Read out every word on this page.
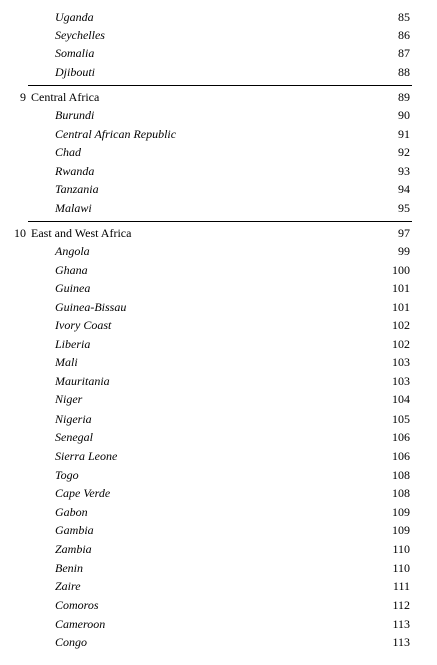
Uganda	85
Seychelles	86
Somalia	87
Djibouti	88
9 Central Africa	89
Burundi	90
Central African Republic	91
Chad	92
Rwanda	93
Tanzania	94
Malawi	95
10 East and West Africa	97
Angola	99
Ghana	100
Guinea	101
Guinea-Bissau	101
Ivory Coast	102
Liberia	102
Mali	103
Mauritania	103
Niger	104
Nigeria	105
Senegal	106
Sierra Leone	106
Togo	108
Cape Verde	108
Gabon	109
Gambia	109
Zambia	110
Benin	110
Zaire	111
Comoros	112
Cameroon	113
Congo	113
